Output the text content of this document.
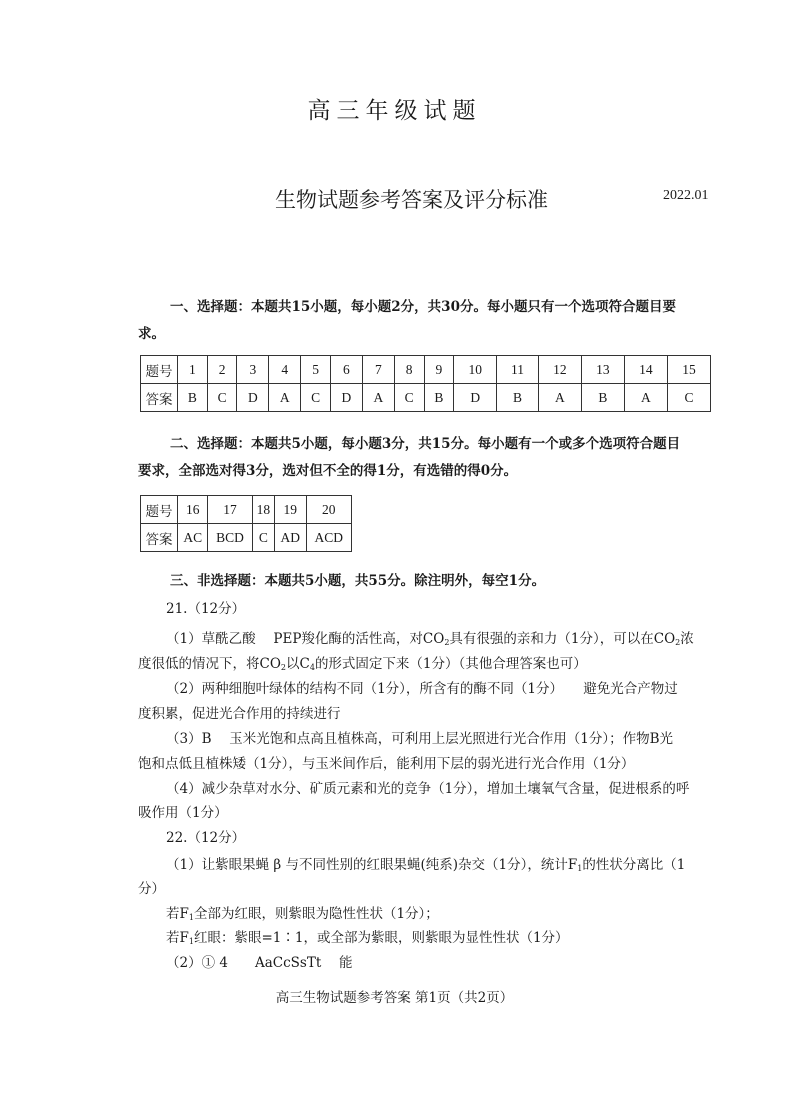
高三年级试题
生物试题参考答案及评分标准	2022.01
一、选择题：本题共15小题，每小题2分，共30分。每小题只有一个选项符合题目要
求。
题号	1	2	3	4	5	6	7	8	9	10	11	12	13	14	15
答案	B	C	D	A	C	D	A	C	B	D	B	A	B	A	C
二、选择题：本题共5小题，每小题3分，共15分。每小题有一个或多个选项符合题目
要求，全部选对得3分，选对但不全的得1分，有选错的得0分。
题号	16	17	18	19	20
答案	AC	BCD	C	AD	ACD
三、非选择题：本题共5小题，共55分。除注明外，每空1分。
21.（12分）
（1）草酰乙酸　 PEP羧化酶的活性高，对$CO_2$具有很强的亲和力（1分），可以在$CO_2$浓
度很低的情况下，将$CO_2$以$C_4$的形式固定下来（1分）（其他合理答案也可）
（2）两种细胞叶绿体的结构不同（1分），所含有的酶不同（1分）　　避免光合产物过
度积累，促进光合作用的持续进行
（3）B　 玉米光饱和点高且植株高，可利用上层光照进行光合作用（1分）；作物B光
饱和点低且植株矮（1分），与玉米间作后，能利用下层的弱光进行光合作用（1分）
（4）减少杂草对水分、矿质元素和光的竞争（1分），增加土壤氧气含量，促进根系的呼
吸作用（1分）
22.（12分）
（1）让紫眼果蝇 β 与不同性别的红眼果蝇(纯系)杂交（1分），统计$F_1$的性状分离比（1
分）
若$F_1$全部为红眼，则紫眼为隐性性状（1分）；
若$F_1$红眼：紫眼=1∶1，或全部为紫眼，则紫眼为显性性状（1分）
（2）① 4　　AaCcSsTt　 能
高三生物试题参考答案 第1页（共2页）
